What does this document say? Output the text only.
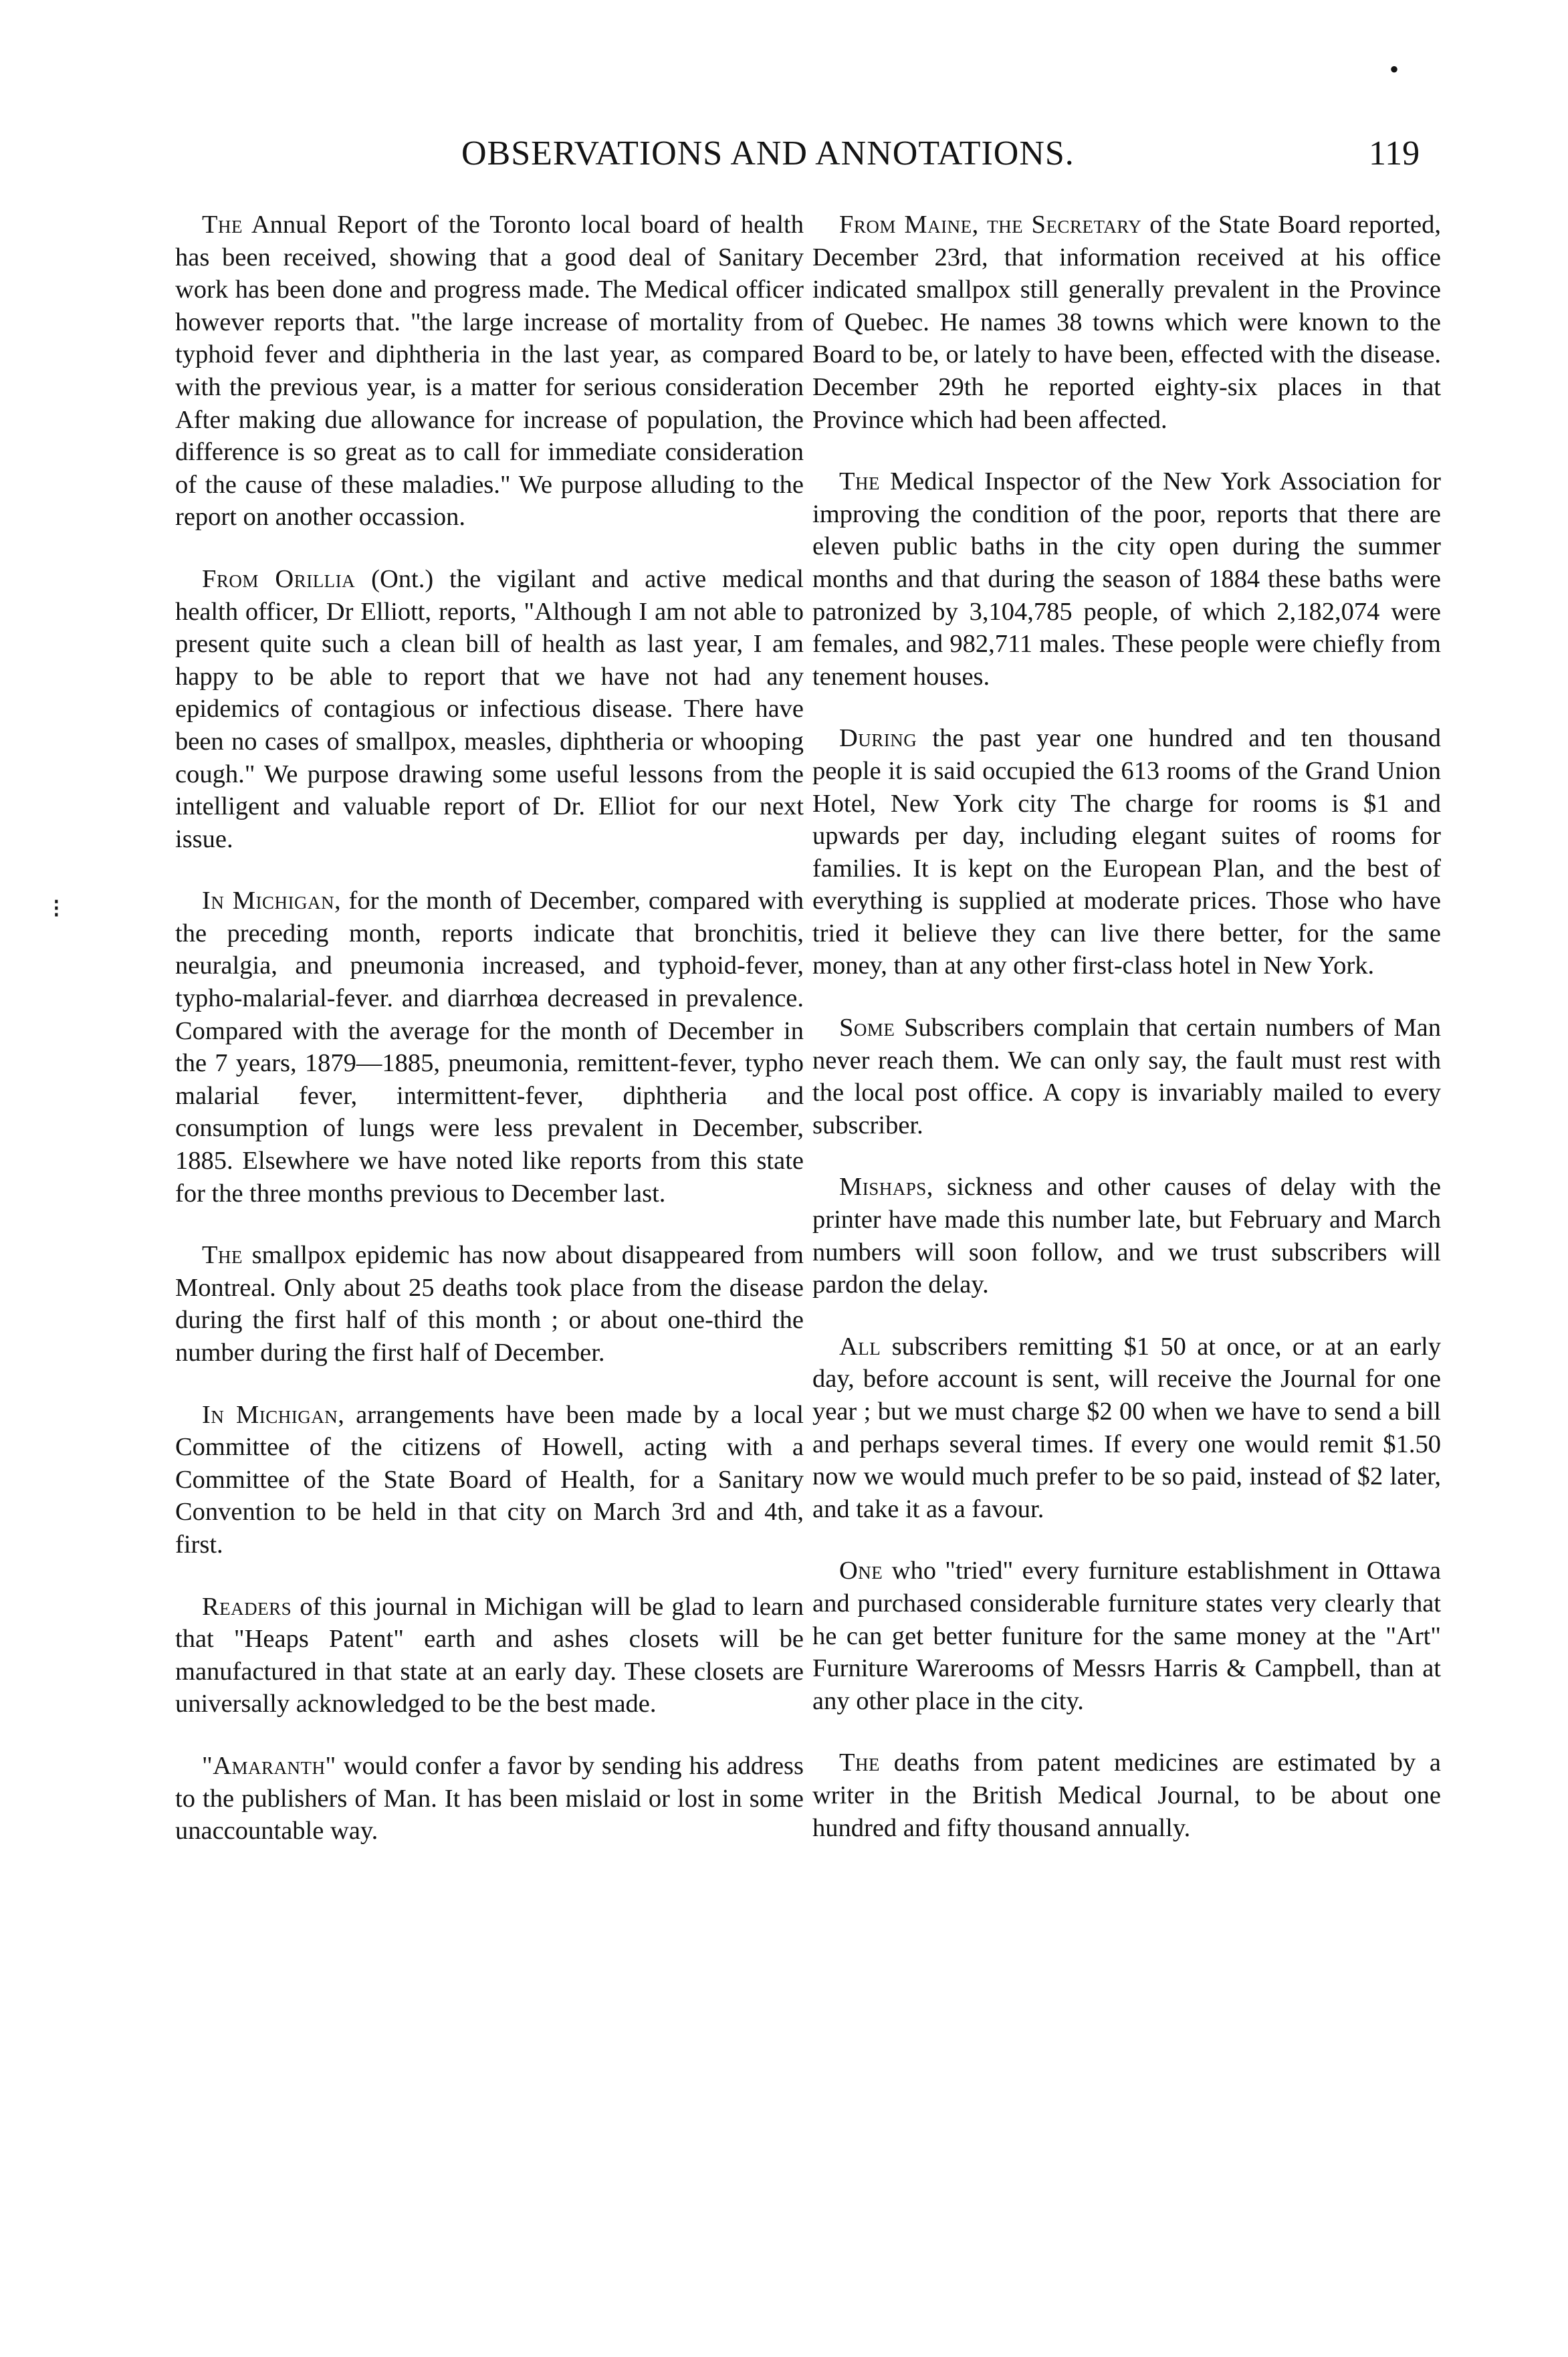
OBSERVATIONS AND ANNOTATIONS.	119
•
⁝

The Annual Report of the Toronto local board of health has been received, showing that a good deal of Sanitary work has been done and progress made. The Medical officer however reports that. "the large increase of mortality from typhoid fever and diphtheria in the last year, as compared with the previous year, is a matter for serious consideration After making due allowance for increase of population, the difference is so great as to call for immediate consideration of the cause of these maladies." We purpose alluding to the report on another occassion.

From Orillia (Ont.) the vigilant and active medical health officer, Dr Elliott, reports, "Although I am not able to present quite such a clean bill of health as last year, I am happy to be able to report that we have not had any epidemics of contagious or infectious disease. There have been no cases of smallpox, measles, diphtheria or whooping cough." We purpose drawing some useful lessons from the intelligent and valuable report of Dr. Elliot for our next issue.

In Michigan, for the month of December, compared with the preceding month, reports indicate that bronchitis, neuralgia, and pneumonia increased, and typhoid-fever, typho-malarial-fever. and diarrhœa decreased in prevalence. Compared with the average for the month of December in the 7 years, 1879—1885, pneumonia, remittent-fever, typho malarial fever, intermittent-fever, diphtheria and consumption of lungs were less prevalent in December, 1885. Elsewhere we have noted like reports from this state for the three months previous to December last.

The smallpox epidemic has now about disappeared from Montreal. Only about 25 deaths took place from the disease during the first half of this month ; or about one-third the number during the first half of December.

In Michigan, arrangements have been made by a local Committee of the citizens of Howell, acting with a Committee of the State Board of Health, for a Sanitary Convention to be held in that city on March 3rd and 4th, first.

Readers of this journal in Michigan will be glad to learn that "Heaps Patent" earth and ashes closets will be manufactured in that state at an early day. These closets are universally acknowledged to be the best made.

"Amaranth" would confer a favor by sending his address to the publishers of Man. It has been mislaid or lost in some unaccountable way.

From Maine, the Secretary of the State Board reported, December 23rd, that information received at his office indicated smallpox still generally prevalent in the Province of Quebec. He names 38 towns which were known to the Board to be, or lately to have been, effected with the disease. December 29th he reported eighty-six places in that Province which had been affected.

The Medical Inspector of the New York Association for improving the condition of the poor, reports that there are eleven public baths in the city open during the summer months and that during the season of 1884 these baths were patronized by 3,104,785 people, of which 2,182,074 were females, and 982,711 males. These people were chiefly from tenement houses.

During the past year one hundred and ten thousand people it is said occupied the 613 rooms of the Grand Union Hotel, New York city The charge for rooms is $1 and upwards per day, including elegant suites of rooms for families. It is kept on the European Plan, and the best of everything is supplied at moderate prices. Those who have tried it believe they can live there better, for the same money, than at any other first-class hotel in New York.

Some Subscribers complain that certain numbers of Man never reach them. We can only say, the fault must rest with the local post office. A copy is invariably mailed to every subscriber.

Mishaps, sickness and other causes of delay with the printer have made this number late, but February and March numbers will soon follow, and we trust subscribers will pardon the delay.

All subscribers remitting $1 50 at once, or at an early day, before account is sent, will receive the Journal for one year ; but we must charge $2 00 when we have to send a bill and perhaps several times. If every one would remit $1.50 now we would much prefer to be so paid, instead of $2 later, and take it as a favour.

One who "tried" every furniture establishment in Ottawa and purchased considerable furniture states very clearly that he can get better funiture for the same money at the "Art" Furniture Warerooms of Messrs Harris & Campbell, than at any other place in the city.

The deaths from patent medicines are estimated by a writer in the British Medical Journal, to be about one hundred and fifty thousand annually.
